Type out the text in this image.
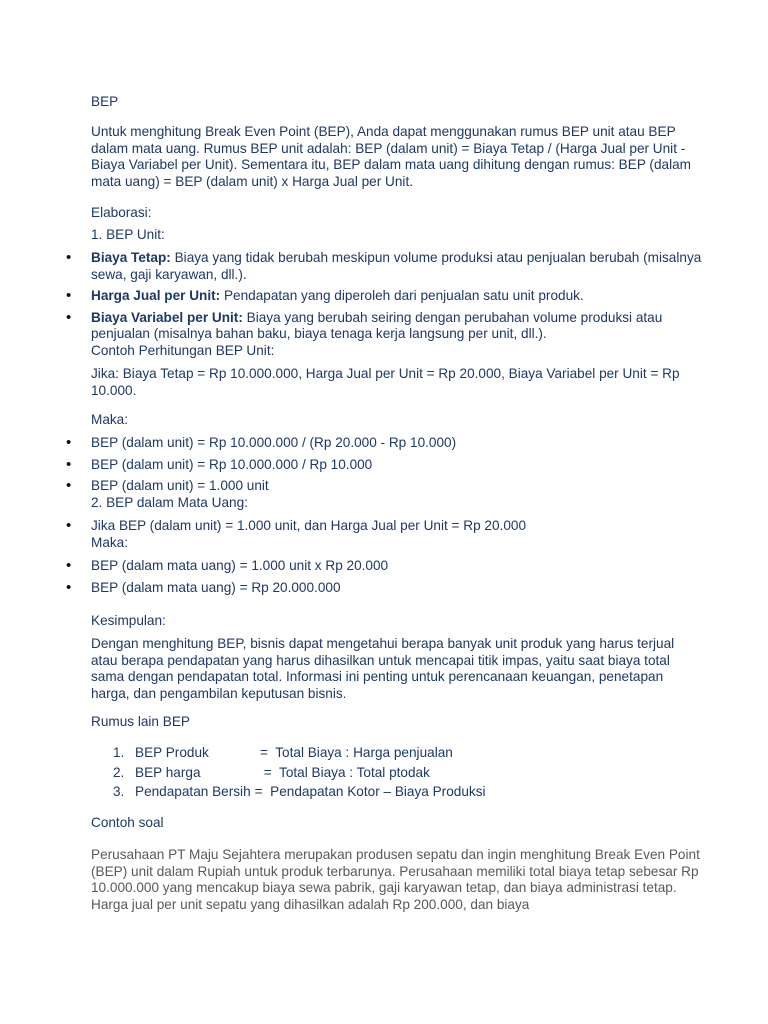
BEP

Untuk menghitung Break Even Point (BEP), Anda dapat menggunakan rumus BEP unit atau BEP dalam mata uang. Rumus BEP unit adalah: BEP (dalam unit) = Biaya Tetap / (Harga Jual per Unit - Biaya Variabel per Unit). Sementara itu, BEP dalam mata uang dihitung dengan rumus: BEP (dalam mata uang) = BEP (dalam unit) x Harga Jual per Unit.

Elaborasi:

1. BEP Unit:

• Biaya Tetap: Biaya yang tidak berubah meskipun volume produksi atau penjualan berubah (misalnya sewa, gaji karyawan, dll.).
• Harga Jual per Unit: Pendapatan yang diperoleh dari penjualan satu unit produk.
• Biaya Variabel per Unit: Biaya yang berubah seiring dengan perubahan volume produksi atau penjualan (misalnya bahan baku, biaya tenaga kerja langsung per unit, dll.).

Contoh Perhitungan BEP Unit:

Jika: Biaya Tetap = Rp 10.000.000, Harga Jual per Unit = Rp 20.000, Biaya Variabel per Unit = Rp 10.000.

Maka:

• BEP (dalam unit) = Rp 10.000.000 / (Rp 20.000 - Rp 10.000)
• BEP (dalam unit) = Rp 10.000.000 / Rp 10.000
• BEP (dalam unit) = 1.000 unit

2. BEP dalam Mata Uang:

• Jika BEP (dalam unit) = 1.000 unit, dan Harga Jual per Unit = Rp 20.000

Maka:

• BEP (dalam mata uang) = 1.000 unit x Rp 20.000
• BEP (dalam mata uang) = Rp 20.000.000

Kesimpulan:

Dengan menghitung BEP, bisnis dapat mengetahui berapa banyak unit produk yang harus terjual atau berapa pendapatan yang harus dihasilkan untuk mencapai titik impas, yaitu saat biaya total sama dengan pendapatan total. Informasi ini penting untuk perencanaan keuangan, penetapan harga, dan pengambilan keputusan bisnis.

Rumus lain BEP

1. BEP Produk	=  Total Biaya : Harga penjualan
2. BEP harga	=  Total Biaya : Total ptodak
3. Pendapatan Bersih =  Pendapatan Kotor – Biaya Produksi

Contoh soal

Perusahaan PT Maju Sejahtera merupakan produsen sepatu dan ingin menghitung Break Even Point (BEP) unit dalam Rupiah untuk produk terbarunya. Perusahaan memiliki total biaya tetap sebesar Rp 10.000.000 yang mencakup biaya sewa pabrik, gaji karyawan tetap, dan biaya administrasi tetap. Harga jual per unit sepatu yang dihasilkan adalah Rp 200.000, dan biaya
